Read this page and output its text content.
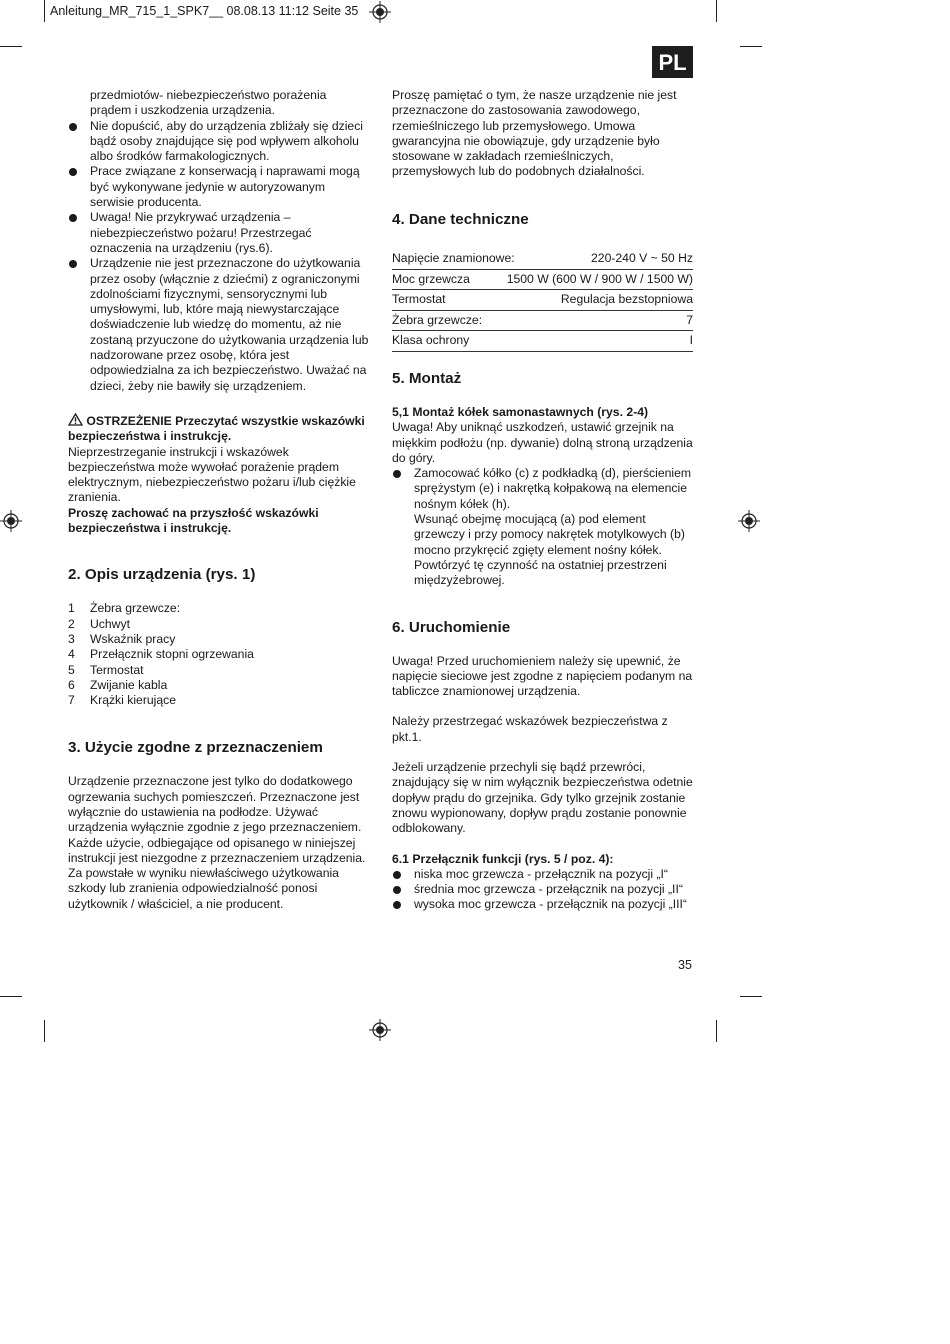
Anleitung_MR_715_1_SPK7__ 08.08.13 11:12 Seite 35
PL

przedmiotów- niebezpieczeństwo porażenia prądem i uszkodzenia urządzenia.

Nie dopuścić, aby do urządzenia zbliżały się dzieci bądź osoby znajdujące się pod wpływem alkoholu albo środków farmakologicznych.

Prace związane z konserwacją i naprawami mogą być wykonywane jedynie w autoryzowanym serwisie producenta.

Uwaga! Nie przykrywać urządzenia – niebezpieczeństwo pożaru! Przestrzegać oznaczenia na urządzeniu (rys.6).

Urządzenie nie jest przeznaczone do użytkowania przez osoby (włącznie z dziećmi) z ograniczonymi zdolnościami fizycznymi, sensorycznymi lub umysłowymi, lub, które mają niewystarczające doświadczenie lub wiedzę do momentu, aż nie zostaną przyuczone do użytkowania urządzenia lub nadzorowane przez osobę, która jest odpowiedzialna za ich bezpieczeństwo. Uważać na dzieci, żeby nie bawiły się urządzeniem.

OSTRZEŻENIE Przeczytać wszystkie wskazówki bezpieczeństwa i instrukcję.

Nieprzestrzeganie instrukcji i wskazówek bezpieczeństwa może wywołać porażenie prądem elektrycznym, niebezpieczeństwo pożaru i/lub ciężkie zranienia.

Proszę zachować na przyszłość wskazówki bezpieczeństwa i instrukcję.

2. Opis urządzenia (rys. 1)
1	Żebra grzewcze:
2	Uchwyt
3	Wskaźnik pracy
4	Przełącznik stopni ogrzewania
5	Termostat
6	Zwijanie kabla
7	Krążki kierujące
3. Użycie zgodne z przeznaczeniem

Urządzenie przeznaczone jest tylko do dodatkowego ogrzewania suchych pomieszczeń. Przeznaczone jest wyłącznie do ustawienia na podłodze. Używać urządzenia wyłącznie zgodnie z jego przeznaczeniem. Każde użycie, odbiegające od opisanego w niniejszej instrukcji jest niezgodne z przeznaczeniem urządzenia. Za powstałe w wyniku niewłaściwego użytkowania szkody lub zranienia odpowiedzialność ponosi użytkownik / właściciel, a nie producent.

Proszę pamiętać o tym, że nasze urządzenie nie jest przeznaczone do zastosowania zawodowego, rzemieślniczego lub przemysłowego. Umowa gwarancyjna nie obowiązuje, gdy urządzenie było stosowane w zakładach rzemieślniczych, przemysłowych lub do podobnych działalności.

4. Dane techniczne
Napięcie znamionowe:	220-240 V ~ 50 Hz
Moc grzewcza	1500 W (600 W / 900 W / 1500 W)
Termostat	Regulacja bezstopniowa
Żebra grzewcze:	7
Klasa ochrony	I
5. Montaż

5,1 Montaż kółek samonastawnych (rys. 2-4)

Uwaga! Aby uniknąć uszkodzeń, ustawić grzejnik na miękkim podłożu (np. dywanie) dolną stroną urządzenia do góry.

Zamocować kółko (c) z podkładką (d), pierścieniem sprężystym (e) i nakrętką kołpakową na elemencie nośnym kółek (h).

Wsunąć obejmę mocującą (a) pod element grzewczy i przy pomocy nakrętek motylkowych (b) mocno przykręcić zgięty element nośny kółek. Powtórzyć tę czynność na ostatniej przestrzeni międzyżebrowej.

6. Uruchomienie

Uwaga! Przed uruchomieniem należy się upewnić, że napięcie sieciowe jest zgodne z napięciem podanym na tabliczce znamionowej urządzenia.

Należy przestrzegać wskazówek bezpieczeństwa z pkt.1.

Jeżeli urządzenie przechyli się bądź przewróci, znajdujący się w nim wyłącznik bezpieczeństwa odetnie dopływ prądu do grzejnika. Gdy tylko grzejnik zostanie znowu wypionowany, dopływ prądu zostanie ponownie odblokowany.

6.1 Przełącznik funkcji (rys. 5 / poz. 4):

niska moc grzewcza - przełącznik na pozycji „I“

średnia moc grzewcza - przełącznik na pozycji „II“

wysoka moc grzewcza - przełącznik na pozycji „III“

35
